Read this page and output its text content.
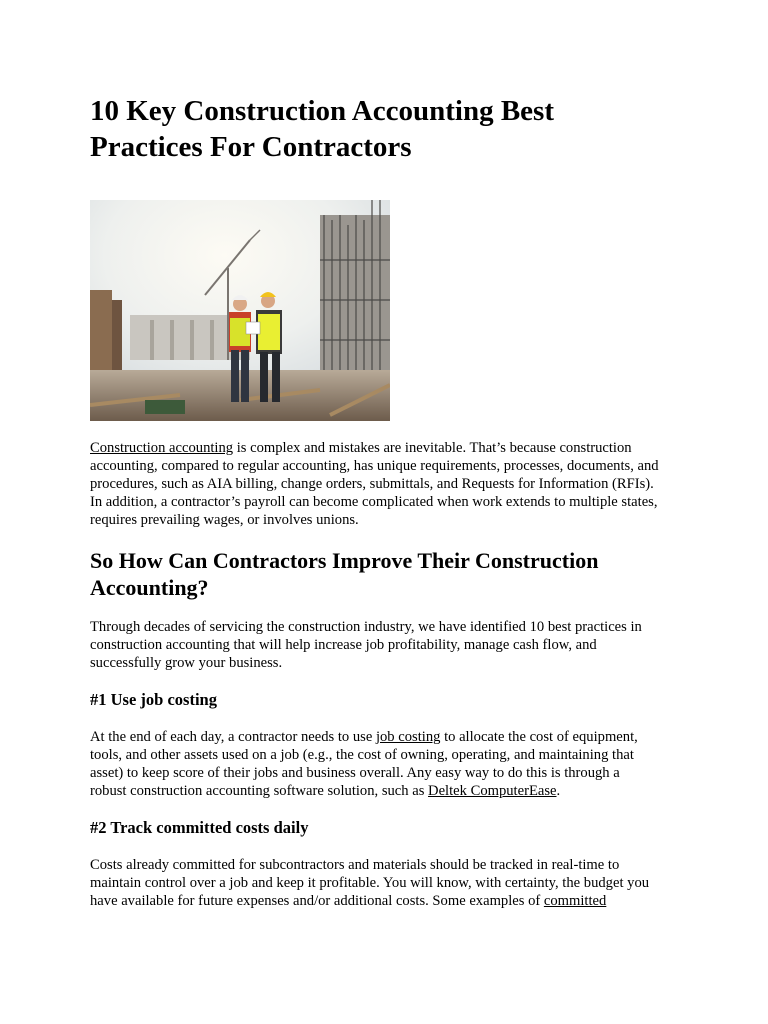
10 Key Construction Accounting Best
Practices For Contractors

Construction accounting is complex and mistakes are inevitable. That’s because construction
accounting, compared to regular accounting, has unique requirements, processes, documents, and
procedures, such as AIA billing, change orders, submittals, and Requests for Information (RFIs).
In addition, a contractor’s payroll can become complicated when work extends to multiple states,
requires prevailing wages, or involves unions.

So How Can Contractors Improve Their Construction
Accounting?

Through decades of servicing the construction industry, we have identified 10 best practices in
construction accounting that will help increase job profitability, manage cash flow, and
successfully grow your business.

#1 Use job costing

At the end of each day, a contractor needs to use job costing to allocate the cost of equipment,
tools, and other assets used on a job (e.g., the cost of owning, operating, and maintaining that
asset) to keep score of their jobs and business overall. Any easy way to do this is through a
robust construction accounting software solution, such as Deltek ComputerEase.

#2 Track committed costs daily

Costs already committed for subcontractors and materials should be tracked in real-time to
maintain control over a job and keep it profitable. You will know, with certainty, the budget you
have available for future expenses and/or additional costs. Some examples of committed
